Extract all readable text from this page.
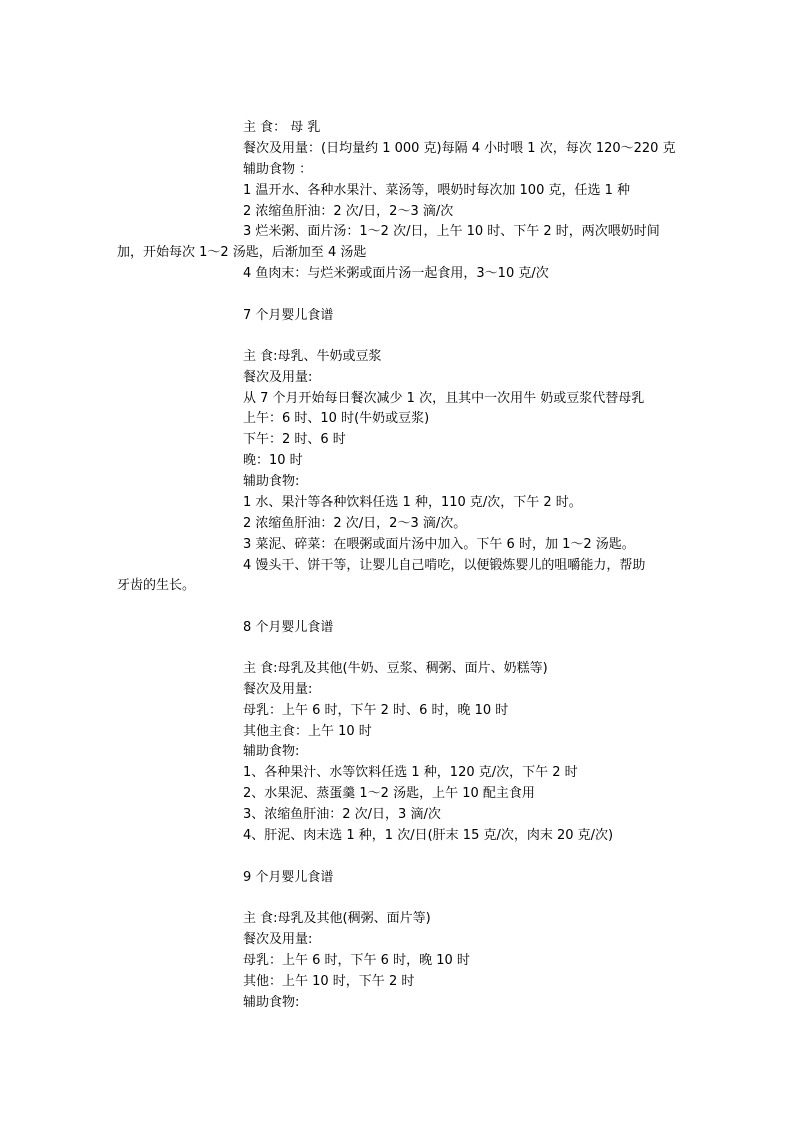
主 食： 母 乳
餐次及用量：(日均量约 1 000 克)每隔 4 小时喂 1 次，每次 120～220 克
辅助食物 ：
1 温开水、各种水果汁、菜汤等，喂奶时每次加 100 克，任选 1 种
2 浓缩鱼肝油：2 次/日，2～3 滴/次
3 烂米粥、面片汤：1～2 次/日，上午 10 时、下午 2 时，两次喂奶时间
加，开始每次 1～2 汤匙，后渐加至 4 汤匙
4 鱼肉末：与烂米粥或面片汤一起食用，3～10 克/次
7 个月婴儿食谱
主 食:母乳、牛奶或豆浆
餐次及用量:
从 7 个月开始每日餐次减少 1 次，且其中一次用牛 奶或豆浆代替母乳
上午：6 时、10 时(牛奶或豆浆)
下午：2 时、6 时
晚：10 时
辅助食物:
1 水、果汁等各种饮料任选 1 种，110 克/次，下午 2 时。
2 浓缩鱼肝油：2 次/日，2～3 滴/次。
3 菜泥、碎菜：在喂粥或面片汤中加入。下午 6 时，加 1～2 汤匙。
4 馒头干、饼干等，让婴儿自己啃吃，以便锻炼婴儿的咀嚼能力，帮助
牙齿的生长。
8 个月婴儿食谱
主 食:母乳及其他(牛奶、豆浆、稠粥、面片、奶糕等)
餐次及用量:
母乳：上午 6 时，下午 2 时、6 时，晚 10 时
其他主食：上午 10 时
辅助食物:
1、各种果汁、水等饮料任选 1 种，120 克/次，下午 2 时
2、水果泥、蒸蛋羹 1～2 汤匙，上午 10 配主食用
3、浓缩鱼肝油：2 次/日，3 滴/次
4、肝泥、肉末选 1 种，1 次/日(肝末 15 克/次，肉末 20 克/次)
9 个月婴儿食谱
主 食:母乳及其他(稠粥、面片等)
餐次及用量:
母乳：上午 6 时，下午 6 时，晚 10 时
其他：上午 10 时，下午 2 时
辅助食物:
